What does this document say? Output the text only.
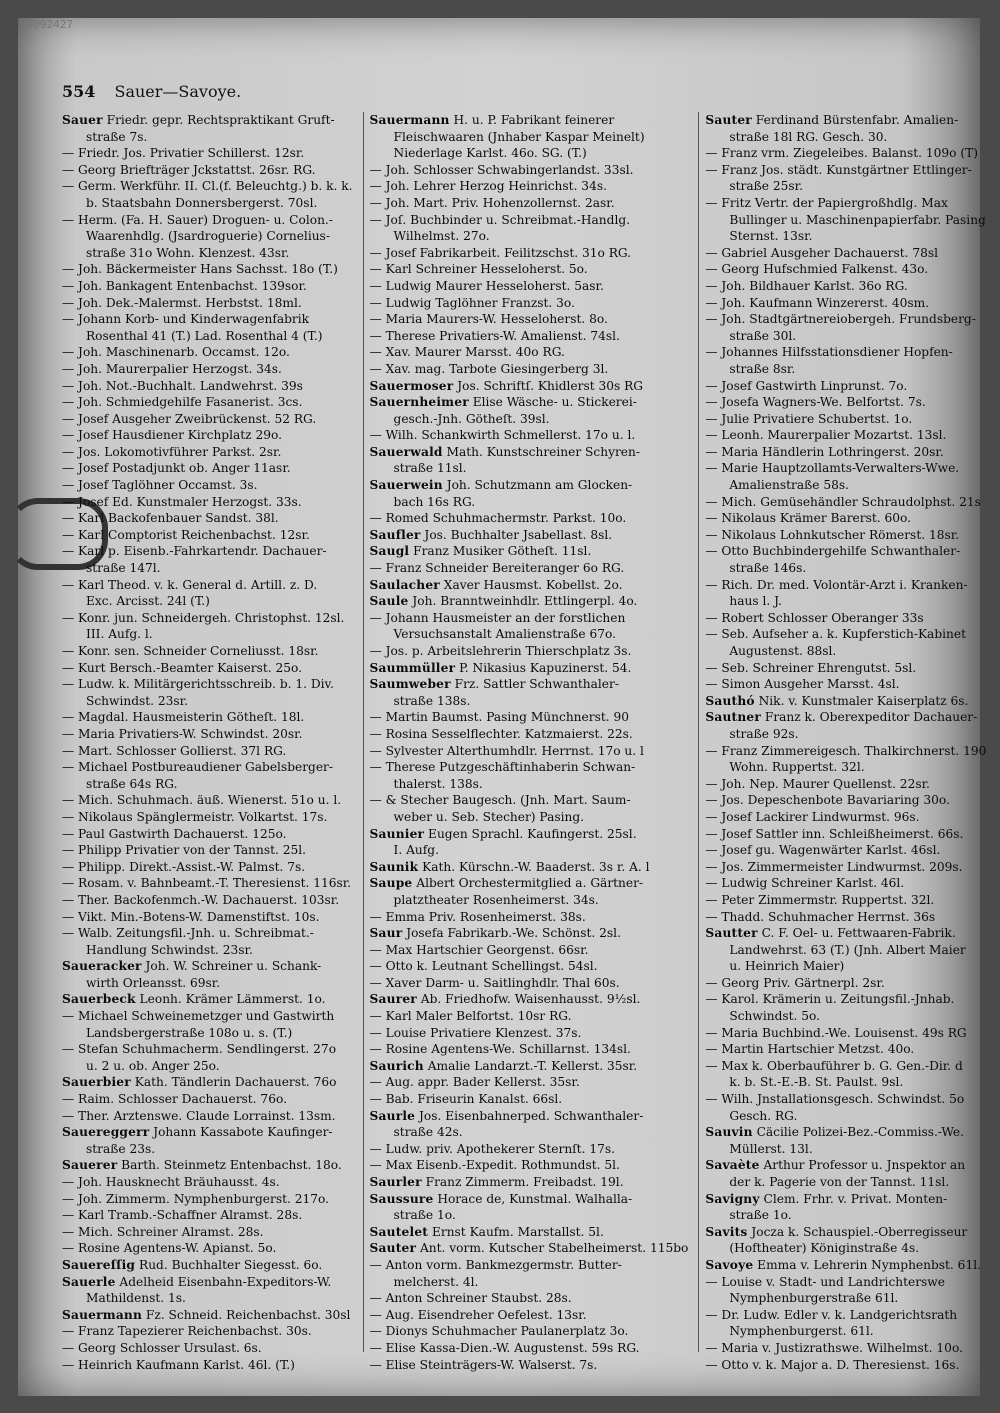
00092427
554 Sauer—Savoye.
Sauer Friedr. gepr. Rechtspraktikant Gruft-
straße 7s.
— Friedr. Jos. Privatier Schillerst. 12sr.
— Georg Briefträger Jckstattst. 26sr. RG.
— Germ. Werkführ. II. Cl.(f. Beleuchtg.) b. k. k.
b. Staatsbahn Donnersbergerst. 70sl.
— Herm. (Fa. H. Sauer) Droguen- u. Colon.-
Waarenhdlg. (Jsardroguerie) Cornelius-
straße 31o Wohn. Klenzest. 43sr.
— Joh. Bäckermeister Hans Sachsst. 18o (T.)
— Joh. Bankagent Entenbachst. 139sor.
— Joh. Dek.-Malermst. Herbstst. 18ml.
— Johann Korb- und Kinderwagenfabrik
Rosenthal 41 (T.) Lad. Rosenthal 4 (T.)
— Joh. Maschinenarb. Occamst. 12o.
— Joh. Maurerpalier Herzogst. 34s.
— Joh. Not.-Buchhalt. Landwehrst. 39s
— Joh. Schmiedgehilfe Fasanerist. 3cs.
— Josef Ausgeher Zweibrückenst. 52 RG.
— Josef Hausdiener Kirchplatz 29o.
— Jos. Lokomotivführer Parkst. 2sr.
— Josef Postadjunkt ob. Anger 11asr.
— Josef Taglöhner Occamst. 3s.
— Josef Ed. Kunstmaler Herzogst. 33s.
— Karl Backofenbauer Sandst. 38l.
— Karl Comptorist Reichenbachst. 12sr.
— Karl p. Eisenb.-Fahrkartendr. Dachauer-
straße 147l.
— Karl Theod. v. k. General d. Artill. z. D.
Exc. Arcisst. 24l (T.)
— Konr. jun. Schneidergeh. Christophst. 12sl.
III. Aufg. l.
— Konr. sen. Schneider Corneliusst. 18sr.
— Kurt Bersch.-Beamter Kaiserst. 25o.
— Ludw. k. Militärgerichtsschreib. b. 1. Div.
Schwindst. 23sr.
— Magdal. Hausmeisterin Götheſt. 18l.
— Maria Privatiers-W. Schwindst. 20sr.
— Mart. Schlosser Gollierst. 37l RG.
— Michael Postbureaudiener Gabelsberger-
straße 64s RG.
— Mich. Schuhmach. äuß. Wienerst. 51o u. l.
— Nikolaus Spänglermeistr. Volkartst. 17s.
— Paul Gastwirth Dachauerst. 125o.
— Philipp Privatier von der Tannst. 25l.
— Philipp. Direkt.-Assist.-W. Palmst. 7s.
— Rosam. v. Bahnbeamt.-T. Theresienst. 116sr.
— Ther. Backofenmch.-W. Dachauerst. 103sr.
— Vikt. Min.-Botens-W. Damenstiftst. 10s.
— Walb. Zeitungsfil.-Jnh. u. Schreibmat.-
Handlung Schwindst. 23sr.
Saueracker Joh. W. Schreiner u. Schank-
wirth Orleansst. 69sr.
Sauerbeck Leonh. Krämer Lämmerst. 1o.
— Michael Schweinemetzger und Gastwirth
Landsbergerstraße 108o u. s. (T.)
— Stefan Schuhmacherm. Sendlingerst. 27o
u. 2 u. ob. Anger 25o.
Sauerbier Kath. Tändlerin Dachauerst. 76o
— Raim. Schlosser Dachauerst. 76o.
— Ther. Arztenswe. Claude Lorrainst. 13sm.
Sauereggerr Johann Kassabote Kaufinger-
straße 23s.
Sauerer Barth. Steinmetz Entenbachst. 18o.
— Joh. Hausknecht Bräuhausst. 4s.
— Joh. Zimmerm. Nymphenburgerst. 217o.
— Karl Tramb.-Schaffner Alramst. 28s.
— Mich. Schreiner Alramst. 28s.
— Rosine Agentens-W. Apianst. 5o.
Sauereſſig Rud. Buchhalter Siegesst. 6o.
Sauerle Adelheid Eisenbahn-Expeditors-W.
Mathildenst. 1s.
Sauermann Fz. Schneid. Reichenbachst. 30sl
— Franz Tapezierer Reichenbachst. 30s.
— Georg Schlosser Ursulast. 6s.
— Heinrich Kaufmann Karlst. 46l. (T.)
Sauermann H. u. P. Fabrikant feinerer
Fleischwaaren (Jnhaber Kaspar Meinelt)
Niederlage Karlst. 46o. SG. (T.)
— Joh. Schlosser Schwabingerlandst. 33sl.
— Joh. Lehrer Herzog Heinrichst. 34s.
— Joh. Mart. Priv. Hohenzollernst. 2asr.
— Joſ. Buchbinder u. Schreibmat.-Handlg.
Wilhelmst. 27o.
— Josef Fabrikarbeit. Feilitzschst. 31o RG.
— Karl Schreiner Hesseloherst. 5o.
— Ludwig Maurer Hesseloherst. 5asr.
— Ludwig Taglöhner Franzst. 3o.
— Maria Maurers-W. Hesseloherst. 8o.
— Therese Privatiers-W. Amalienst. 74sl.
— Xav. Maurer Marsst. 40o RG.
— Xav. mag. Tarbote Giesingerberg 3l.
Sauermoser Jos. Schriftſ. Khidlerst 30s RG
Sauernheimer Elise Wäsche- u. Stickerei-
gesch.-Jnh. Götheſt. 39sl.
— Wilh. Schankwirth Schmellerst. 17o u. l.
Sauerwald Math. Kunstschreiner Schyren-
straße 11sl.
Sauerwein Joh. Schutzmann am Glocken-
bach 16s RG.
— Romed Schuhmachermstr. Parkst. 10o.
Saufler Jos. Buchhalter Jsabellast. 8sl.
Saugl Franz Musiker Götheſt. 11sl.
— Franz Schneider Bereiteranger 6o RG.
Saulacher Xaver Hausmst. Kobellst. 2o.
Saule Joh. Branntweinhdlr. Ettlingerpl. 4o.
— Johann Hausmeister an der forstlichen
Versuchsanstalt Amalienstraße 67o.
— Jos. p. Arbeitslehrerin Thierschplatz 3s.
Saummüller P. Nikasius Kapuzinerst. 54.
Saumweber Frz. Sattler Schwanthaler-
straße 138s.
— Martin Baumst. Pasing Münchnerst. 90
— Rosina Sesselflechter. Katzmaierst. 22s.
— Sylvester Alterthumhdlr. Herrnst. 17o u. l
— Therese Putzgeschäftinhaberin Schwan-
thalerst. 138s.
— & Stecher Baugesch. (Jnh. Mart. Saum-
weber u. Seb. Stecher) Pasing.
Saunier Eugen Sprachl. Kaufingerst. 25sl.
I. Aufg.
Saunik Kath. Kürschn.-W. Baaderst. 3s r. A. l
Saupe Albert Orchestermitglied a. Gärtner-
platztheater Rosenheimerst. 34s.
— Emma Priv. Rosenheimerst. 38s.
Saur Josefa Fabrikarb.-We. Schönst. 2sl.
— Max Hartschier Georgenst. 66sr.
— Otto k. Leutnant Schellingst. 54sl.
— Xaver Darm- u. Saitlinghdlr. Thal 60s.
Saurer Ab. Friedhofw. Waisenhausst. 9½sl.
— Karl Maler Belfortst. 10sr RG.
— Louise Privatiere Klenzest. 37s.
— Rosine Agentens-We. Schillarnst. 134sl.
Saurich Amalie Landarzt.-T. Kellerst. 35sr.
— Aug. appr. Bader Kellerst. 35sr.
— Bab. Friseurin Kanalst. 66sl.
Saurle Jos. Eisenbahnerped. Schwanthaler-
straße 42s.
— Ludw. priv. Apothekerer Sternſt. 17s.
— Max Eisenb.-Expedit. Rothmundst. 5l.
Saurler Franz Zimmerm. Freibadst. 19l.
Saussure Horace de, Kunstmal. Walhalla-
straße 1o.
Sautelet Ernst Kaufm. Marstallst. 5l.
Sauter Ant. vorm. Kutscher Stabelheimerst. 115bo
— Anton vorm. Bankmezgermstr. Butter-
melcherst. 4l.
— Anton Schreiner Staubst. 28s.
— Aug. Eisendreher Oefelest. 13sr.
— Dionys Schuhmacher Paulanerplatz 3o.
— Elise Kassa-Dien.-W. Augustenst. 59s RG.
— Elise Steinträgers-W. Walserst. 7s.
Sauter Ferdinand Bürstenfabr. Amalien-
straße 18l RG. Gesch. 30.
— Franz vrm. Ziegeleibes. Balanst. 109o (T)
— Franz Jos. städt. Kunstgärtner Ettlinger-
straße 25sr.
— Fritz Vertr. der Papiergroßhdlg. Max
Bullinger u. Maschinenpapierfabr. Pasing
Sternst. 13sr.
— Gabriel Ausgeher Dachauerst. 78sl
— Georg Hufschmied Falkenst. 43o.
— Joh. Bildhauer Karlst. 36o RG.
— Joh. Kaufmann Winzererst. 40sm.
— Joh. Stadtgärtnereiobergeh. Frundsberg-
straße 30l.
— Johannes Hilfsstationsdiener Hopfen-
straße 8sr.
— Josef Gastwirth Linprunst. 7o.
— Josefa Wagners-We. Belfortst. 7s.
— Julie Privatiere Schubertst. 1o.
— Leonh. Maurerpalier Mozartst. 13sl.
— Maria Händlerin Lothringerst. 20sr.
— Marie Hauptzollamts-Verwalters-Wwe.
Amalienstraße 58s.
— Mich. Gemüsehändler Schraudolphst. 21s
— Nikolaus Krämer Barerst. 60o.
— Nikolaus Lohnkutscher Römerst. 18sr.
— Otto Buchbindergehilfe Schwanthaler-
straße 146s.
— Rich. Dr. med. Volontär-Arzt i. Kranken-
haus l. J.
— Robert Schlosser Oberanger 33s
— Seb. Aufseher a. k. Kupferstich-Kabinet
Augustenst. 88sl.
— Seb. Schreiner Ehrengutst. 5sl.
— Simon Ausgeher Marsst. 4sl.
Sauthó Nik. v. Kunstmaler Kaiserplatz 6s.
Sautner Franz k. Oberexpeditor Dachauer-
straße 92s.
— Franz Zimmereigesch. Thalkirchnerst. 190
Wohn. Ruppertst. 32l.
— Joh. Nep. Maurer Quellenst. 22sr.
— Jos. Depeschenbote Bavariaring 30o.
— Josef Lackirer Lindwurmst. 96s.
— Josef Sattler inn. Schleißheimerst. 66s.
— Josef gu. Wagenwärter Karlst. 46sl.
— Jos. Zimmermeister Lindwurmst. 209s.
— Ludwig Schreiner Karlst. 46l.
— Peter Zimmermstr. Ruppertst. 32l.
— Thadd. Schuhmacher Herrnst. 36s
Sautter C. F. Oel- u. Fettwaaren-Fabrik.
Landwehrst. 63 (T.) (Jnh. Albert Maier
u. Heinrich Maier)
— Georg Priv. Gärtnerpl. 2sr.
— Karol. Krämerin u. Zeitungsfil.-Jnhab.
Schwindst. 5o.
— Maria Buchbind.-We. Louisenst. 49s RG
— Martin Hartschier Metzst. 40o.
— Max k. Oberbauführer b. G. Gen.-Dir. d
k. b. St.-E.-B. St. Paulst. 9sl.
— Wilh. Jnstallationsgesch. Schwindst. 5o
Gesch. RG.
Sauvin Cäcilie Polizei-Bez.-Commiss.-We.
Müllerst. 13l.
Savaète Arthur Professor u. Jnspektor an
der k. Pagerie von der Tannst. 11sl.
Savigny Clem. Frhr. v. Privat. Monten-
straße 1o.
Savits Jocza k. Schauspiel.-Oberregisseur
(Hoftheater) Königinstraße 4s.
Savoye Emma v. Lehrerin Nymphenbst. 61l.
— Louise v. Stadt- und Landrichterswe
Nymphenburgerstraße 61l.
— Dr. Ludw. Edler v. k. Landgerichtsrath
Nymphenburgerst. 61l.
— Maria v. Justizrathswe. Wilhelmst. 10o.
— Otto v. k. Major a. D. Theresienst. 16s.
